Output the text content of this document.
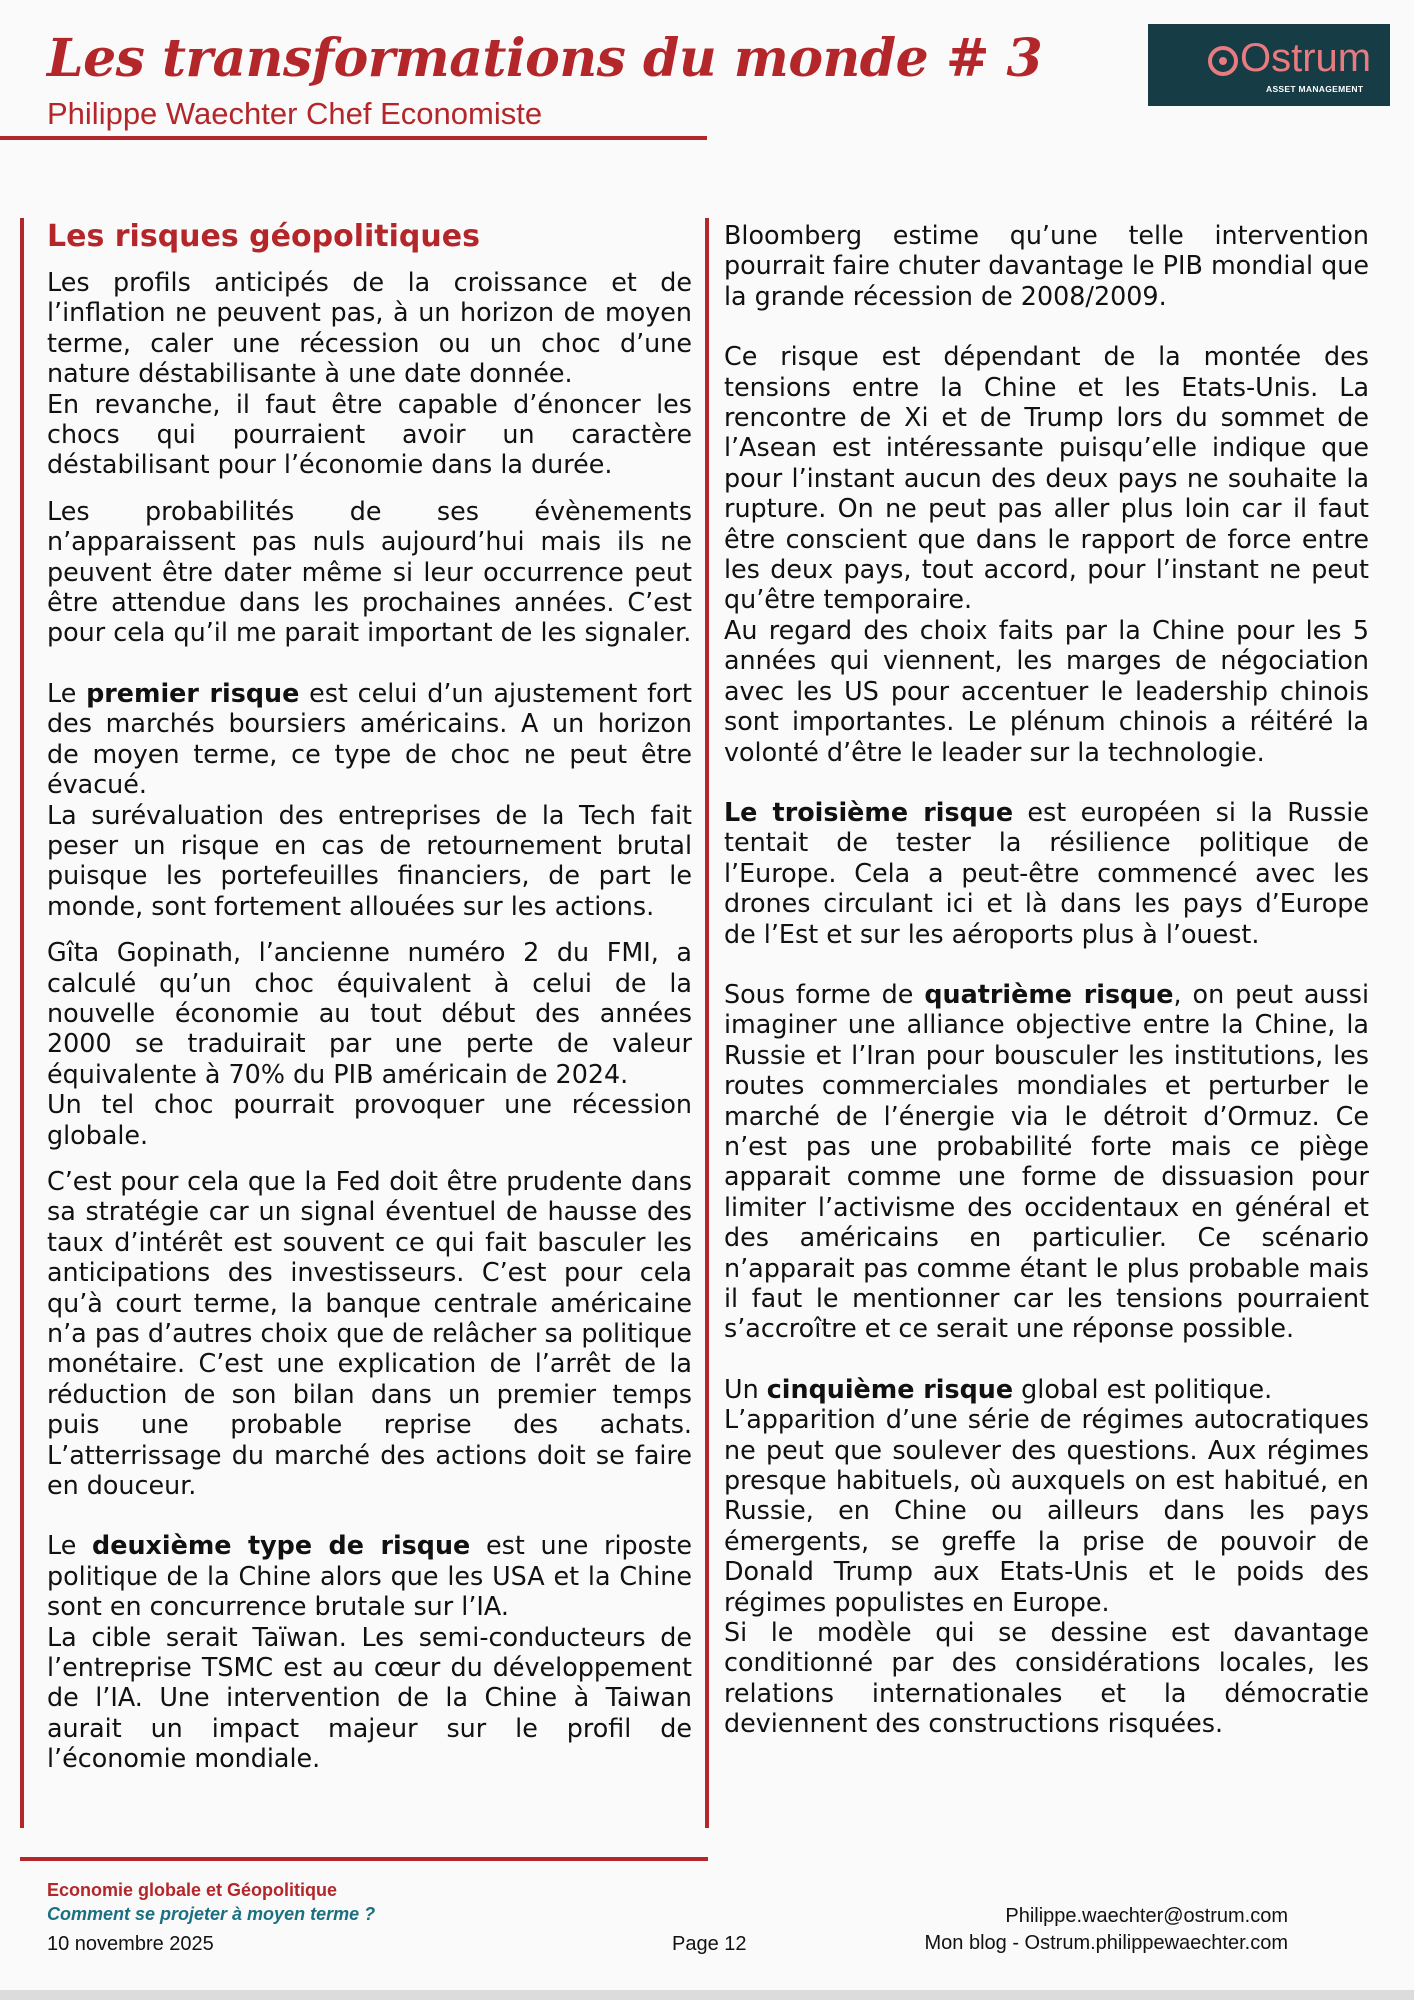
Les transformations du monde # 3
Philippe Waechter Chef Economiste
Ostrum
ASSET MANAGEMENT
Les risques géopolitiques
Les profils anticipés de la croissance et de l’inflation ne peuvent pas, à un horizon de moyen terme, caler une récession ou un choc d’une nature déstabilisante à une date donnée.
En revanche, il faut être capable d’énoncer les chocs qui pourraient avoir un caractère déstabilisant pour l’économie dans la durée.
Les probabilités de ses évènements n’apparaissent pas nuls aujourd’hui mais ils ne peuvent être dater même si leur occurrence peut être attendue dans les prochaines années. C’est pour cela qu’il me parait important de les signaler.
Le premier risque est celui d’un ajustement fort des marchés boursiers américains. A un horizon de moyen terme, ce type de choc ne peut être évacué.
La surévaluation des entreprises de la Tech fait peser un risque en cas de retournement brutal puisque les portefeuilles financiers, de part le monde, sont fortement allouées sur les actions.
Gîta Gopinath, l’ancienne numéro 2 du FMI, a calculé qu’un choc équivalent à celui de la nouvelle économie au tout début des années 2000 se traduirait par une perte de valeur équivalente à 70% du PIB américain de 2024.
Un tel choc pourrait provoquer une récession globale.
C’est pour cela que la Fed doit être prudente dans sa stratégie car un signal éventuel de hausse des taux d’intérêt est souvent ce qui fait basculer les anticipations des investisseurs. C’est pour cela qu’à court terme, la banque centrale américaine n’a pas d’autres choix que de relâcher sa politique monétaire. C’est une explication de l’arrêt de la réduction de son bilan dans un premier temps puis une probable reprise des achats. L’atterrissage du marché des actions doit se faire en douceur.
Le deuxième type de risque est une riposte politique de la Chine alors que les USA et la Chine sont en concurrence brutale sur l’IA.
La cible serait Taïwan. Les semi-conducteurs de l’entreprise TSMC est au cœur du développement de l’IA. Une intervention de la Chine à Taiwan aurait un impact majeur sur le profil de l’économie mondiale.
Bloomberg estime qu’une telle intervention pourrait faire chuter davantage le PIB mondial que la grande récession de 2008/2009.
Ce risque est dépendant de la montée des tensions entre la Chine et les Etats-Unis. La rencontre de Xi et de Trump lors du sommet de l’Asean est intéressante puisqu’elle indique que pour l’instant aucun des deux pays ne souhaite la rupture. On ne peut pas aller plus loin car il faut être conscient que dans le rapport de force entre les deux pays, tout accord, pour l’instant ne peut qu’être temporaire.
Au regard des choix faits par la Chine pour les 5 années qui viennent, les marges de négociation avec les US pour accentuer le leadership chinois sont importantes. Le plénum chinois a réitéré la volonté d’être le leader sur la technologie.
Le troisième risque est européen si la Russie tentait de tester la résilience politique de l’Europe. Cela a peut-être commencé avec les drones circulant ici et là dans les pays d’Europe de l’Est et sur les aéroports plus à l’ouest.
Sous forme de quatrième risque, on peut aussi imaginer une alliance objective entre la Chine, la Russie et l’Iran pour bousculer les institutions, les routes commerciales mondiales et perturber le marché de l’énergie via le détroit d’Ormuz. Ce n’est pas une probabilité forte mais ce piège apparait comme une forme de dissuasion pour limiter l’activisme des occidentaux en général et des américains en particulier. Ce scénario n’apparait pas comme étant le plus probable mais il faut le mentionner car les tensions pourraient s’accroître et ce serait une réponse possible.
Un cinquième risque global est politique.
L’apparition d’une série de régimes autocratiques ne peut que soulever des questions. Aux régimes presque habituels, où auxquels on est habitué, en Russie, en Chine ou ailleurs dans les pays émergents, se greffe la prise de pouvoir de Donald Trump aux Etats-Unis et le poids des régimes populistes en Europe.
Si le modèle qui se dessine est davantage conditionné par des considérations locales, les relations internationales et la démocratie deviennent des constructions risquées.
Economie globale et Géopolitique
Comment se projeter à moyen terme ?
10 novembre 2025	Page 12
Philippe.waechter@ostrum.com
Mon blog - Ostrum.philippewaechter.com
